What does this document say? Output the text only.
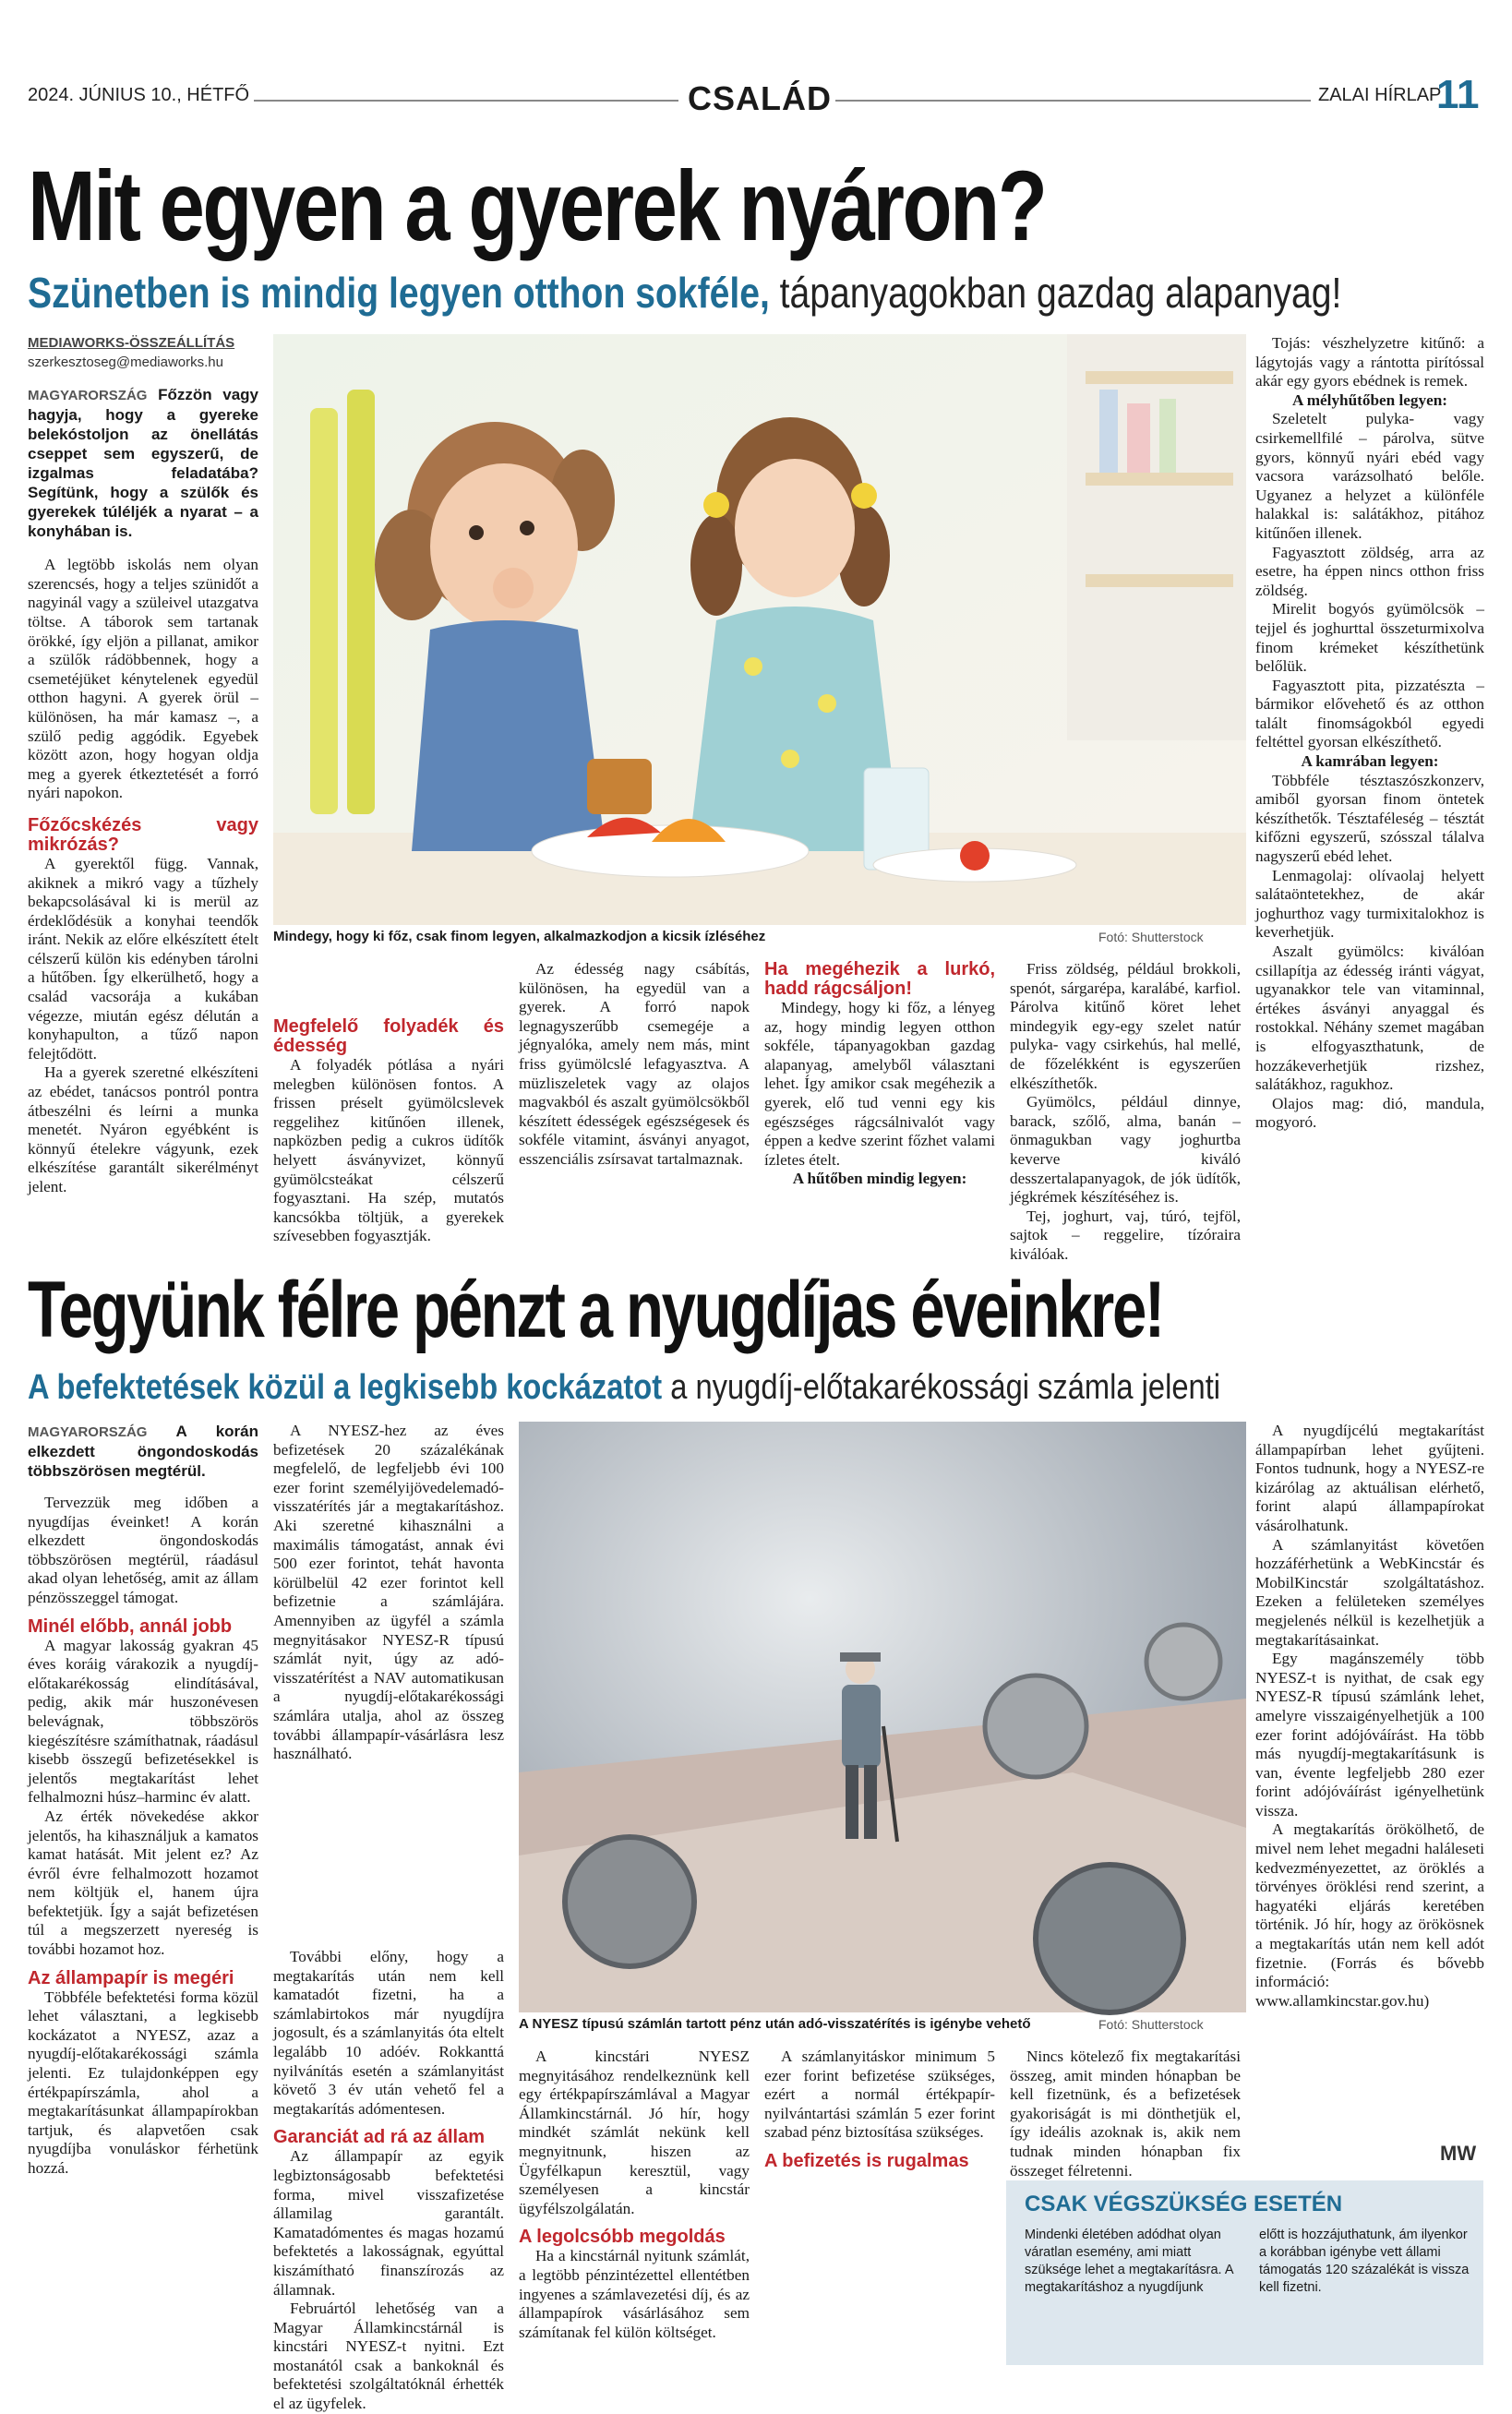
2024. JÚNIUS 10., HÉTFŐ	CSALÁD	ZALAI HÍRLAP
11
Mit egyen a gyerek nyáron?
Szünetben is mindig legyen otthon sokféle, tápanyagokban gazdag alapanyag!
MEDIAWORKS-ÖSSZEÁLLÍTÁS
szerkesztoseg@mediaworks.hu
MAGYARORSZÁG Főzzön vagy hagyja, hogy a gyereke belekóstoljon az önellátás cseppet sem egyszerű, de izgalmas feladatába? Segítünk, hogy a szülők és gyerekek túléljék a nyarat – a konyhában is.

A legtöbb iskolás nem olyan szerencsés, hogy a teljes szünidőt a nagyinál vagy a szüleivel utazgatva töltse. A táborok sem tartanak örökké, így eljön a pillanat, amikor a szülők rádöbbennek, hogy a csemetéjüket kénytelenek egyedül otthon hagyni. A gyerek örül – különösen, ha már kamasz –, a szülő pedig aggódik. Egyebek között azon, hogy hogyan oldja meg a gyerek étkeztetését a forró nyári napokon.

Főzőcskézés vagy mikrózás?

A gyerektől függ. Vannak, akiknek a mikró vagy a tűzhely bekapcsolásával ki is merül az érdeklődésük a konyhai teendők iránt. Nekik az előre elkészített ételt célszerű külön kis edényben tárolni a hűtőben. Így elkerülhető, hogy a család vacsorája a kukában végezze, miután egész délután a konyhapulton, a tűző napon felejtődött.

Ha a gyerek szeretné elkészíteni az ebédet, tanácsos pontról pontra átbeszélni és leírni a munka menetét. Nyáron egyébként is könnyű ételekre vágyunk, ezek elkészítése garantált sikerélményt jelent.

Mindegy, hogy ki főz, csak finom legyen, alkalmazkodjon a kicsik ízléséhez	Fotó: Shutterstock
Megfelelő folyadék és édesség

A folyadék pótlása a nyári melegben különösen fontos. A frissen préselt gyümölcslevek reggelihez kitűnően illenek, napközben pedig a cukros üdítők helyett ásványvizet, könnyű gyümölcsteákat célszerű fogyasztani. Ha szép, mutatós kancsókba töltjük, a gyerekek szívesebben fogyasztják.

Az édesség nagy csábítás, különösen, ha egyedül van a gyerek. A forró napok legnagyszerűbb csemegéje a jégnyalóka, amely nem más, mint friss gyümölcslé lefagyasztva. A müzliszeletek vagy az olajos magvakból és aszalt gyümölcsökből készített édességek egészségesek és sokféle vitamint, ásványi anyagot, esszenciális zsírsavat tartalmaznak.

Ha megéhezik a lurkó, hadd rágcsáljon!

Mindegy, hogy ki főz, a lényeg az, hogy mindig legyen otthon sokféle, tápanyagokban gazdag alapanyag, amelyből választani lehet. Így amikor csak megéhezik a gyerek, elő tud venni egy kis egészséges rágcsálnivalót vagy éppen a kedve szerint főzhet valami ízletes ételt.

A hűtőben mindig legyen:

Friss zöldség, például brokkoli, spenót, sárgarépa, karalábé, karfiol. Párolva kitűnő köret lehet mindegyik egy-egy szelet natúr pulyka- vagy csirkehús, hal mellé, de főzelékként is egyszerűen elkészíthetők.

Gyümölcs, például dinnye, barack, szőlő, alma, banán – önmagukban vagy joghurtba keverve kiváló desszertalapanyagok, de jók üdítők, jégkrémek készítéséhez is.

Tej, joghurt, vaj, túró, tejföl, sajtok – reggelire, tízóraira kiválóak.

Tojás: vészhelyzetre kitűnő: a lágytojás vagy a rántotta pirítóssal akár egy gyors ebédnek is remek.

A mélyhűtőben legyen:

Szeletelt pulyka- vagy csirkemellfilé – párolva, sütve gyors, könnyű nyári ebéd vagy vacsora varázsolható belőle. Ugyanez a helyzet a különféle halakkal is: salátákhoz, pitához kitűnően illenek.

Fagyasztott zöldség, arra az esetre, ha éppen nincs otthon friss zöldség.

Mirelit bogyós gyümölcsök – tejjel és joghurttal összeturmixolva finom krémeket készíthetünk belőlük.

Fagyasztott pita, pizzatészta – bármikor elővehető és az otthon talált finomságokból egyedi feltéttel gyorsan elkészíthető.

A kamrában legyen:

Többféle tésztaszószkonzerv, amiből gyorsan finom öntetek készíthetők. Tésztaféleség – tésztát kifőzni egyszerű, szósszal tálalva nagyszerű ebéd lehet.

Lenmagolaj: olívaolaj helyett salátaöntetekhez, de akár joghurthoz vagy turmixitalokhoz is keverhetjük.

Aszalt gyümölcs: kiválóan csillapítja az édesség iránti vágyat, ugyanakkor tele van vitaminnal, értékes ásványi anyaggal és rostokkal. Néhány szemet magában is elfogyaszthatunk, de hozzákeverhetjük rizshez, salátákhoz, ragukhoz.

Olajos mag: dió, mandula, mogyoró.

Tegyünk félre pénzt a nyugdíjas éveinkre!
A befektetések közül a legkisebb kockázatot a nyugdíj-előtakarékossági számla jelenti
MAGYARORSZÁG A korán elkezdett öngondoskodás többszörösen megtérül.

Tervezzük meg időben a nyugdíjas éveinket! A korán elkezdett öngondoskodás többszörösen megtérül, ráadásul akad olyan lehetőség, amit az állam pénzösszeggel támogat.

Minél előbb, annál jobb

A magyar lakosság gyakran 45 éves koráig várakozik a nyugdíj-előtakarékosság elindításával, pedig, akik már huszonévesen belevágnak, többszörös kiegészítésre számíthatnak, ráadásul kisebb összegű befizetésekkel is jelentős megtakarítást lehet felhalmozni húsz–harminc év alatt.

Az érték növekedése akkor jelentős, ha kihasználjuk a kamatos kamat hatását. Mit jelent ez? Az évről évre felhalmozott hozamot nem költjük el, hanem újra befektetjük. Így a saját befizetésen túl a megszerzett nyereség is további hozamot hoz.

Az állampapír is megéri

Többféle befektetési forma közül lehet választani, a legkisebb kockázatot a NYESZ, azaz a nyugdíj-előtakarékossági számla jelenti. Ez tulajdonképpen egy értékpapírszámla, ahol a megtakarításunkat állampapírokban tartjuk, és alapvetően csak nyugdíjba vonuláskor férhetünk hozzá.

A NYESZ-hez az éves befizetések 20 százalékának megfelelő, de legfeljebb évi 100 ezer forint személyijövedelemadó-visszatérítés jár a megtakarításhoz. Aki szeretné kihasználni a maximális támogatást, annak évi 500 ezer forintot, tehát havonta körülbelül 42 ezer forintot kell befizetnie a számlájára. Amennyiben az ügyfél a számla megnyitásakor NYESZ-R típusú számlát nyit, úgy az adó-visszatérítést a NAV automatikusan a nyugdíj-előtakarékossági számlára utalja, ahol az összeg további állampapír-vásárlásra lesz használható.

A NYESZ típusú számlán tartott pénz után adó-visszatérítés is igénybe vehető	Fotó: Shutterstock

További előny, hogy a megtakarítás után nem kell kamatadót fizetni, ha a számlabirtokos már nyugdíjra jogosult, és a számlanyitás óta eltelt legalább 10 adóév. Rokkanttá nyilvánítás esetén a számlanyitást követő 3 év után vehető fel a megtakarítás adómentesen.

Garanciát ad rá az állam

Az állampapír az egyik legbiztonságosabb befektetési forma, mivel visszafizetése államilag garantált. Kamatadómentes és magas hozamú befektetés a lakosságnak, egyúttal kiszámítható finanszírozás az államnak.

Februártól lehetőség van a Magyar Államkincstárnál is kincstári NYESZ-t nyitni. Ezt mostanától csak a bankoknál és befektetési szolgáltatóknál érhették el az ügyfelek.

A kincstári NYESZ megnyitásához rendelkeznünk kell egy értékpapírszámlával a Magyar Államkincstárnál. Jó hír, hogy mindkét számlát nekünk kell megnyitnunk, hiszen az Ügyfélkapun keresztül, vagy személyesen a kincstár ügyfélszolgálatán.

A legolcsóbb megoldás

Ha a kincstárnál nyitunk számlát, a legtöbb pénzintézettel ellentétben ingyenes a számlavezetési díj, és az állampapírok vásárlásához sem számítanak fel külön költséget.

A számlanyitáskor minimum 5 ezer forint befizetése szükséges, ezért a normál értékpapír-nyilvántartási számlán 5 ezer forint szabad pénz biztosítása szükséges.

A befizetés is rugalmas

Nincs kötelező fix megtakarítási összeg, amit minden hónapban be kell fizetnünk, és a befizetések gyakoriságát is mi dönthetjük el, így ideális azoknak is, akik nem tudnak minden hónapban fix összeget félretenni.

A nyugdíjcélú megtakarítást állampapírban lehet gyűjteni. Fontos tudnunk, hogy a NYESZ-re kizárólag az aktuálisan elérhető, forint alapú állampapírokat vásárolhatunk.

A számlanyitást követően hozzáférhetünk a WebKincstár és MobilKincstár szolgáltatáshoz. Ezeken a felületeken személyes megjelenés nélkül is kezelhetjük a megtakarításainkat.

Egy magánszemély több NYESZ-t is nyithat, de csak egy NYESZ-R típusú számlánk lehet, amelyre visszaigényelhetjük a 100 ezer forint adójóváírást. Ha több más nyugdíj-megtakarításunk is van, évente legfeljebb 280 ezer forint adójóváírást igényelhetünk vissza.

A megtakarítás örökölhető, de mivel nem lehet megadni haláleseti kedvezményezettet, az öröklés a törvényes öröklési rend szerint, a hagyatéki eljárás keretében történik. Jó hír, hogy az örökösnek a megtakarítás után nem kell adót fizetnie. (Forrás és bővebb információ: www.allamkincstar.gov.hu)

MW
CSAK VÉGSZÜKSÉG ESETÉN
Mindenki életében adódhat olyan váratlan esemény, ami miatt szüksége lehet a megtakarításra. A megtakarításhoz a nyugdíjunk
előtt is hozzájuthatunk, ám ilyenkor a korábban igénybe vett állami támogatás 120 százalékát is vissza kell fizetni.
